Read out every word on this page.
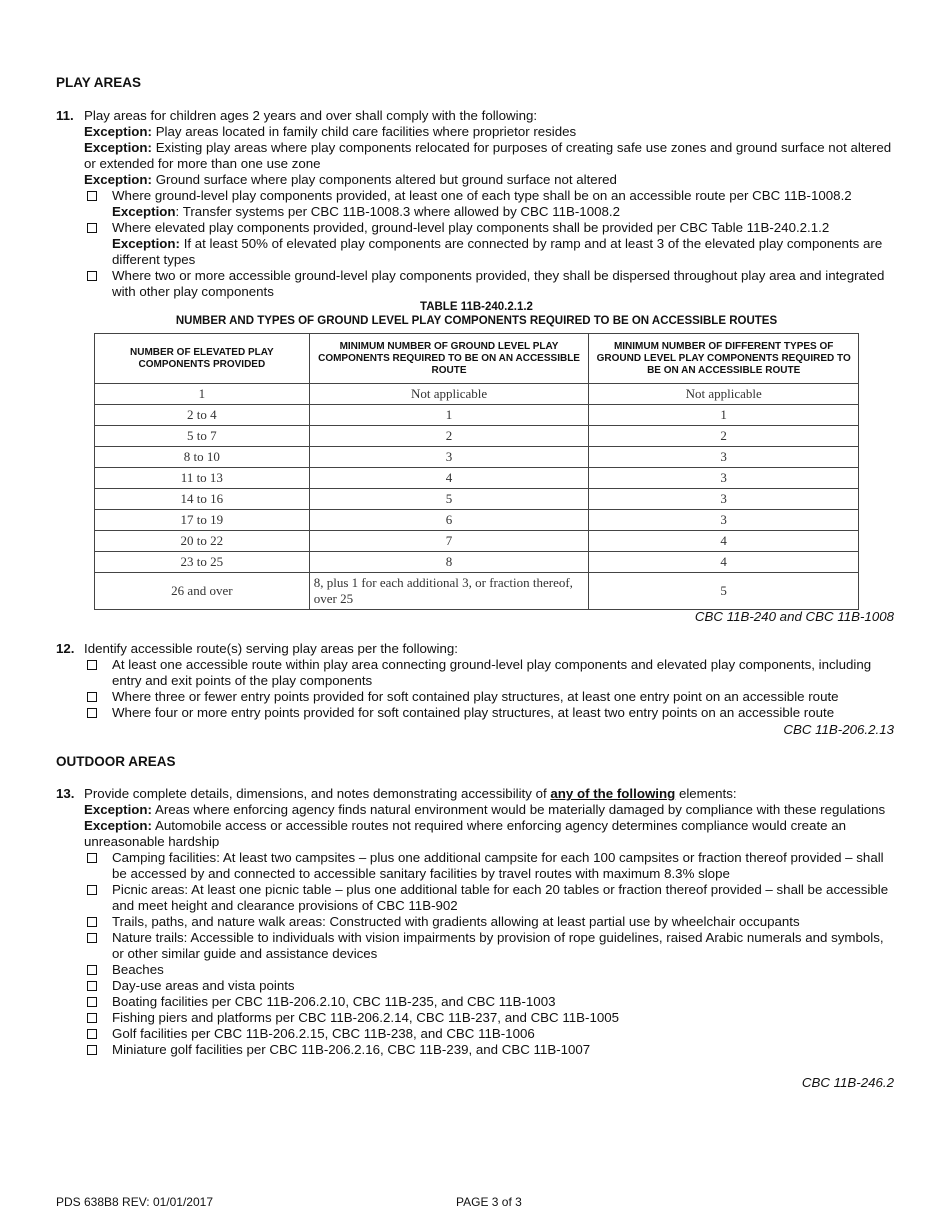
PLAY AREAS
11. Play areas for children ages 2 years and over shall comply with the following:
Exception: Play areas located in family child care facilities where proprietor resides
Exception: Existing play areas where play components relocated for purposes of creating safe use zones and ground surface not altered or extended for more than one use zone
Exception: Ground surface where play components altered but ground surface not altered
Where ground-level play components provided, at least one of each type shall be on an accessible route per CBC 11B-1008.2
Exception: Transfer systems per CBC 11B-1008.3 where allowed by CBC 11B-1008.2
Where elevated play components provided, ground-level play components shall be provided per CBC Table 11B-240.2.1.2
Exception: If at least 50% of elevated play components are connected by ramp and at least 3 of the elevated play components are different types
Where two or more accessible ground-level play components provided, they shall be dispersed throughout play area and integrated with other play components
TABLE 11B-240.2.1.2
NUMBER AND TYPES OF GROUND LEVEL PLAY COMPONENTS REQUIRED TO BE ON ACCESSIBLE ROUTES
NUMBER OF ELEVATED PLAY COMPONENTS PROVIDED	MINIMUM NUMBER OF GROUND LEVEL PLAY COMPONENTS REQUIRED TO BE ON AN ACCESSIBLE ROUTE	MINIMUM NUMBER OF DIFFERENT TYPES OF GROUND LEVEL PLAY COMPONENTS REQUIRED TO BE ON AN ACCESSIBLE ROUTE
1	Not applicable	Not applicable
2 to 4	1	1
5 to 7	2	2
8 to 10	3	3
11 to 13	4	3
14 to 16	5	3
17 to 19	6	3
20 to 22	7	4
23 to 25	8	4
26 and over	8, plus 1 for each additional 3, or fraction thereof, over 25	5
CBC 11B-240 and CBC 11B-1008
12. Identify accessible route(s) serving play areas per the following:
At least one accessible route within play area connecting ground-level play components and elevated play components, including entry and exit points of the play components
Where three or fewer entry points provided for soft contained play structures, at least one entry point on an accessible route
Where four or more entry points provided for soft contained play structures, at least two entry points on an accessible route
CBC 11B-206.2.13
OUTDOOR AREAS
13. Provide complete details, dimensions, and notes demonstrating accessibility of any of the following elements:
Exception: Areas where enforcing agency finds natural environment would be materially damaged by compliance with these regulations
Exception: Automobile access or accessible routes not required where enforcing agency determines compliance would create an unreasonable hardship
Camping facilities: At least two campsites – plus one additional campsite for each 100 campsites or fraction thereof provided – shall be accessed by and connected to accessible sanitary facilities by travel routes with maximum 8.3% slope
Picnic areas: At least one picnic table – plus one additional table for each 20 tables or fraction thereof provided – shall be accessible and meet height and clearance provisions of CBC 11B-902
Trails, paths, and nature walk areas: Constructed with gradients allowing at least partial use by wheelchair occupants
Nature trails: Accessible to individuals with vision impairments by provision of rope guidelines, raised Arabic numerals and symbols, or other similar guide and assistance devices
Beaches
Day-use areas and vista points
Boating facilities per CBC 11B-206.2.10, CBC 11B-235, and CBC 11B-1003
Fishing piers and platforms per CBC 11B-206.2.14, CBC 11B-237, and CBC 11B-1005
Golf facilities per CBC 11B-206.2.15, CBC 11B-238, and CBC 11B-1006
Miniature golf facilities per CBC 11B-206.2.16, CBC 11B-239, and CBC 11B-1007
CBC 11B-246.2
PDS 638B8 REV: 01/01/2017	PAGE 3 of 3
